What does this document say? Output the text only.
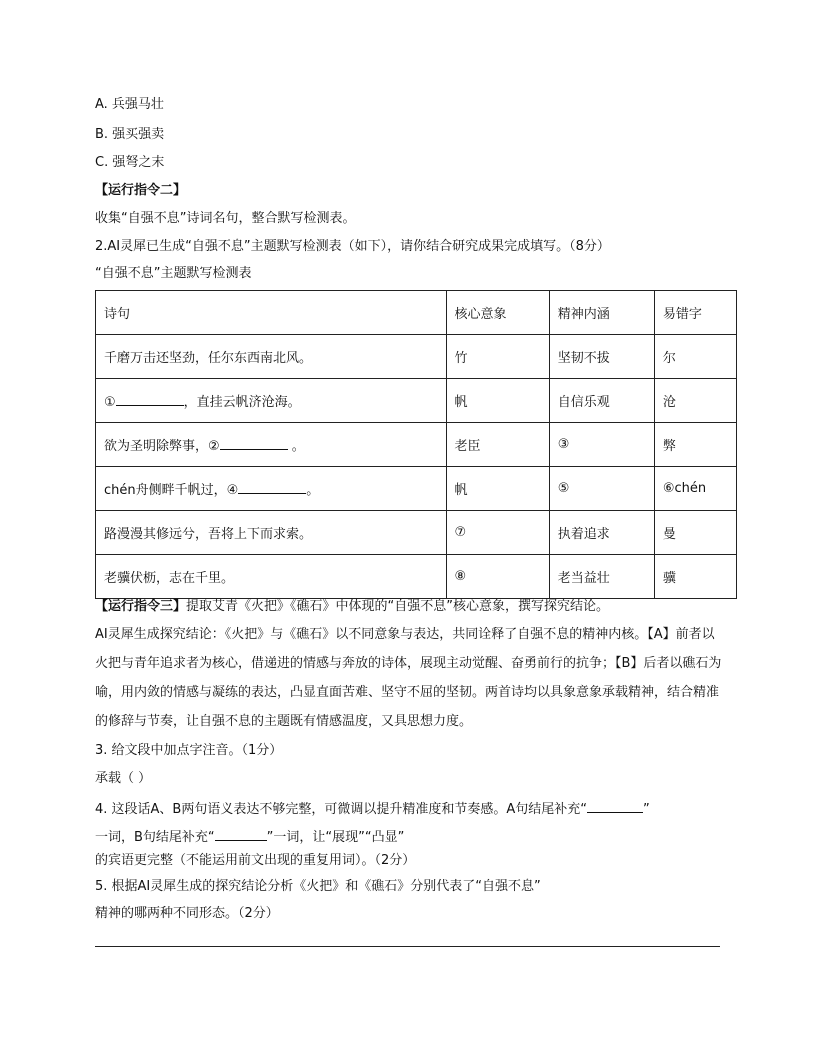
A. 兵强马壮
B. 强买强卖
C. 强弩之末
【运行指令二】
收集“自强不息”诗词名句，整合默写检测表。
2.AI灵犀已生成“自强不息”主题默写检测表（如下），请你结合研究成果完成填写。（8分）
“自强不息”主题默写检测表
诗句	核心意象	精神内涵	易错字
千磨万击还坚劲，任尔东西南北风。	竹	坚韧不拔	尔
① ，直挂云帆济沧海。	帆	自信乐观	沧
欲为圣明除弊事，② 。	老臣	③	弊
chén舟侧畔千帆过，④ 。	帆	⑤	⑥chén
路漫漫其修远兮，吾将上下而求索。	⑦	执着追求	曼
老骥伏枥，志在千里。	⑧	老当益壮	骥
【运行指令三】提取艾青《火把》《礁石》中体现的“自强不息”核心意象，撰写探究结论。
AI灵犀生成探究结论：《火把》与《礁石》以不同意象与表达，共同诠释了自强不息的精神内核。【A】前者以火把与青年追求者为核心，借递进的情感与奔放的诗体，展现主动觉醒、奋勇前行的抗争；【B】后者以礁石为喻，用内敛的情感与凝练的表达，凸显直面苦难、坚守不屈的坚韧。两首诗均以具象意象承载精神，结合精准的修辞与节奏，让自强不息的主题既有情感温度，又具思想力度。
3. 给文段中加点字注音。（1分）
承载（ ）
4. 这段话A、B两句语义表达不够完整，可微调以提升精准度和节奏感。A句结尾补充“	”
一词，B句结尾补充“	”一词，让“展现”“凸显”
的宾语更完整（不能运用前文出现的重复用词）。（2分）
5. 根据AI灵犀生成的探究结论分析《火把》和《礁石》分别代表了“自强不息”
精神的哪两种不同形态。（2分）
